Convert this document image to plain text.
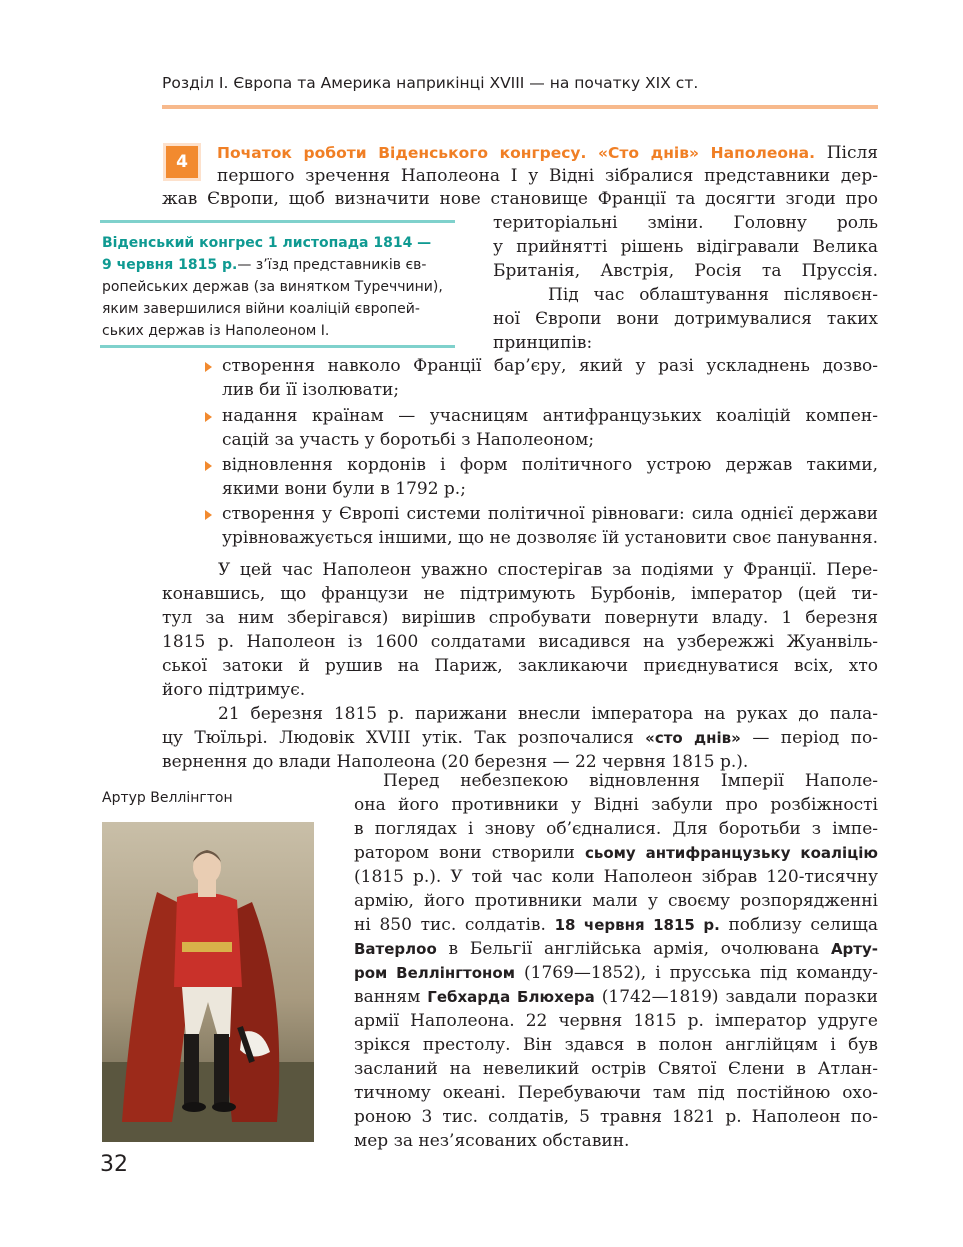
Розділ І. Європа та Америка наприкінці XVIII — на початку XIX ст.
4	Початок роботи Віденського конгресу. «Сто днів» Наполеона. Після
першого зречення Наполеона І у Відні зібралися представники дер-
жав Європи, щоб визначити нове становище Франції та досягти згоди про
територіальні зміни. Головну роль
у прийнятті рішень відігравали Велика
Британія, Австрія, Росія та Пруссія.
Під час облаштування післявоєн-
ної Європи вони дотримувалися таких
принципів:
Віденський конгрес 1 листопада 1814 —
9 червня 1815 р.— з’їзд представників єв-
ропейських держав (за винятком Туреччини),
яким завершилися війни коаліцій європей-
ських держав із Наполеоном І.
створення навколо Франції бар’єру, який у разі ускладнень дозво-
лив би її ізолювати;
надання країнам — учасницям антифранцузьких коаліцій компен-
сацій за участь у боротьбі з Наполеоном;
відновлення кордонів і форм політичного устрою держав такими,
якими вони були в 1792 р.;
створення у Європі системи політичної рівноваги: сила однієї держави
урівноважується іншими, що не дозволяє їй установити своє панування.
У цей час Наполеон уважно спостерігав за подіями у Франції. Пере-
конавшись, що французи не підтримують Бурбонів, імператор (цей ти-
тул за ним зберігався) вирішив спробувати повернути владу. 1 березня
1815 р. Наполеон із 1600 солдатами висадився на узбережжі Жуанвіль-
ської затоки й рушив на Париж, закликаючи приєднуватися всіх, хто
його підтримує.
21 березня 1815 р. парижани внесли імператора на руках до пала-
цу Тюїльрі. Людовік XVIII утік. Так розпочалися «сто днів» — період по-
вернення до влади Наполеона (20 березня — 22 червня 1815 р.).
Артур Веллінгтон
Перед небезпекою відновлення Імперії Наполе-
она його противники у Відні забули про розбіжності
в поглядах і знову об’єдналися. Для боротьби з імпе-
ратором вони створили сьому антифранцузьку коаліцію
(1815 р.). У той час коли Наполеон зібрав 120-тисячну
армію, його противники мали у своєму розпорядженні
ні 850 тис. солдатів. 18 червня 1815 р. поблизу селища
Ватерлоо в Бельгії англійська армія, очолювана Арту-
ром Веллінгтоном (1769—1852), і прусська під команду-
ванням Гебхарда Блюхера (1742—1819) завдали поразки
армії Наполеона. 22 червня 1815 р. імператор удруге
зрікся престолу. Він здався в полон англійцям і був
засланий на невеликий острів Святої Єлени в Атлан-
тичному океані. Перебуваючи там під постійною охо-
роною 3 тис. солдатів, 5 травня 1821 р. Наполеон по-
мер за нез’ясованих обставин.
32
